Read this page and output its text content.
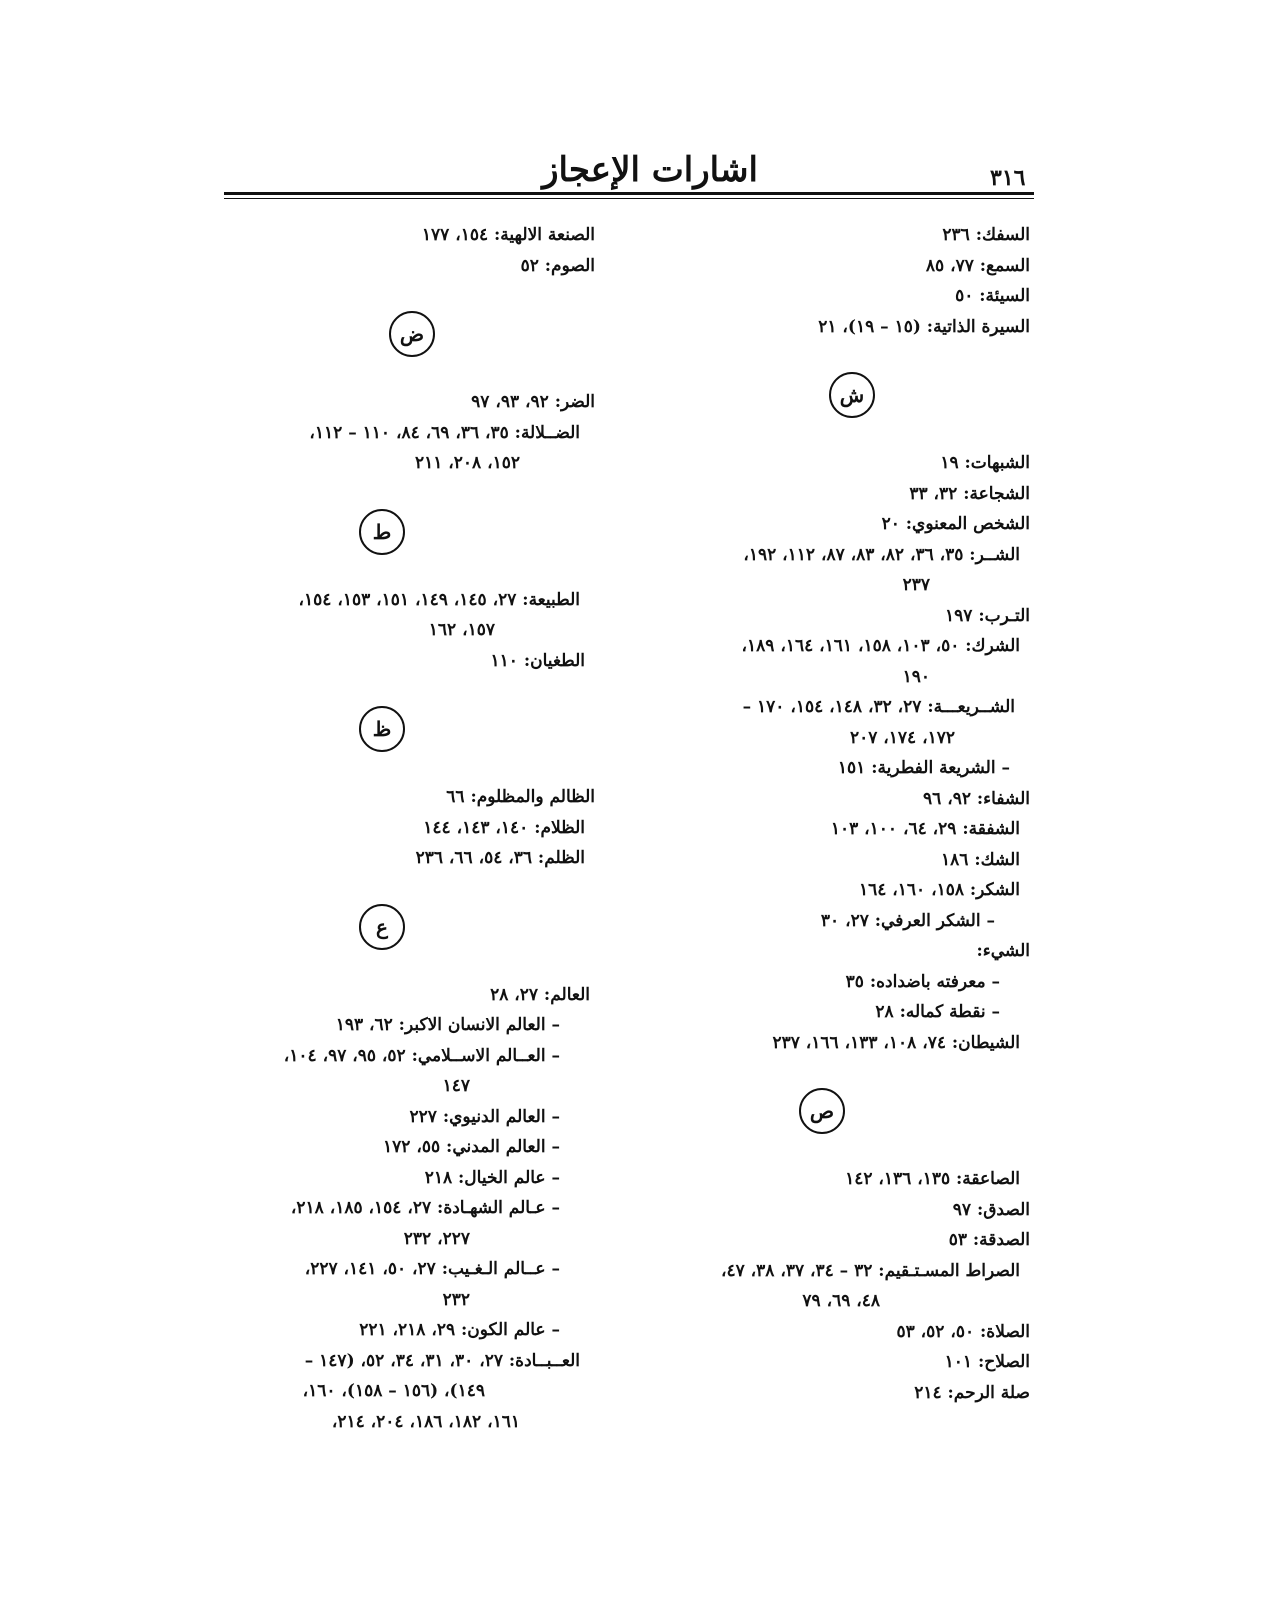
اشارات الإعجاز	٣١٦
السفك: ٢٣٦
السمع: ٧٧، ٨٥
السيئة: ٥٠
السيرة الذاتية: (١٥ – ١٩)، ٢١
ش
الشبهات: ١٩
الشجاعة: ٣٢، ٣٣
الشخص المعنوي: ٢٠
الشــر: ٣٥، ٣٦، ٨٢، ٨٣، ٨٧، ١١٢، ١٩٢،
٢٣٧
التـرب: ١٩٧
الشرك: ٥٠، ١٠٣، ١٥٨، ١٦١، ١٦٤، ١٨٩،
١٩٠
الشــريعـــة: ٢٧، ٣٢، ١٤٨، ١٥٤، ١٧٠ –
١٧٢، ١٧٤، ٢٠٧
– الشريعة الفطرية: ١٥١
الشفاء: ٩٢، ٩٦
الشفقة: ٢٩، ٦٤، ١٠٠، ١٠٣
الشك: ١٨٦
الشكر: ١٥٨، ١٦٠، ١٦٤
– الشكر العرفي: ٢٧، ٣٠
الشيء:
– معرفته باضداده: ٣٥
– نقطة كماله: ٢٨
الشيطان: ٧٤، ١٠٨، ١٣٣، ١٦٦، ٢٣٧
ص
الصاعقة: ١٣٥، ١٣٦، ١٤٢
الصدق: ٩٧
الصدقة: ٥٣
الصراط المسـتـقيم: ٣٢ – ٣٤، ٣٧، ٣٨، ٤٧،
٤٨، ٦٩، ٧٩
الصلاة: ٥٠، ٥٢، ٥٣
الصلاح: ١٠١
صلة الرحم: ٢١٤
الصنعة الالهية: ١٥٤، ١٧٧
الصوم: ٥٢
ض
الضر: ٩٢، ٩٣، ٩٧
الضــلالة: ٣٥، ٣٦، ٦٩، ٨٤، ١١٠ – ١١٢،
١٥٢، ٢٠٨، ٢١١
ط
الطبيعة: ٢٧، ١٤٥، ١٤٩، ١٥١، ١٥٣، ١٥٤،
١٥٧، ١٦٢
الطغيان: ١١٠
ظ
الظالم والمظلوم: ٦٦
الظلام: ١٤٠، ١٤٣، ١٤٤
الظلم: ٣٦، ٥٤، ٦٦، ٢٣٦
ع
العالم: ٢٧، ٢٨
– العالم الانسان الاكبر: ٦٢، ١٩٣
– العــالم الاســلامي: ٥٢، ٩٥، ٩٧، ١٠٤،
١٤٧
– العالم الدنيوي: ٢٢٧
– العالم المدني: ٥٥، ١٧٢
– عالم الخيال: ٢١٨
– عـالم الشهـادة: ٢٧، ١٥٤، ١٨٥، ٢١٨،
٢٢٧، ٢٣٢
– عــالم الـغـيب: ٢٧، ٥٠، ١٤١، ٢٢٧،
٢٣٢
– عالم الكون: ٢٩، ٢١٨، ٢٢١
العــبــادة: ٢٧، ٣٠، ٣١، ٣٤، ٥٢، (١٤٧ –
١٤٩)، (١٥٦ – ١٥٨)، ١٦٠،
١٦١، ١٨٢، ١٨٦، ٢٠٤، ٢١٤،
